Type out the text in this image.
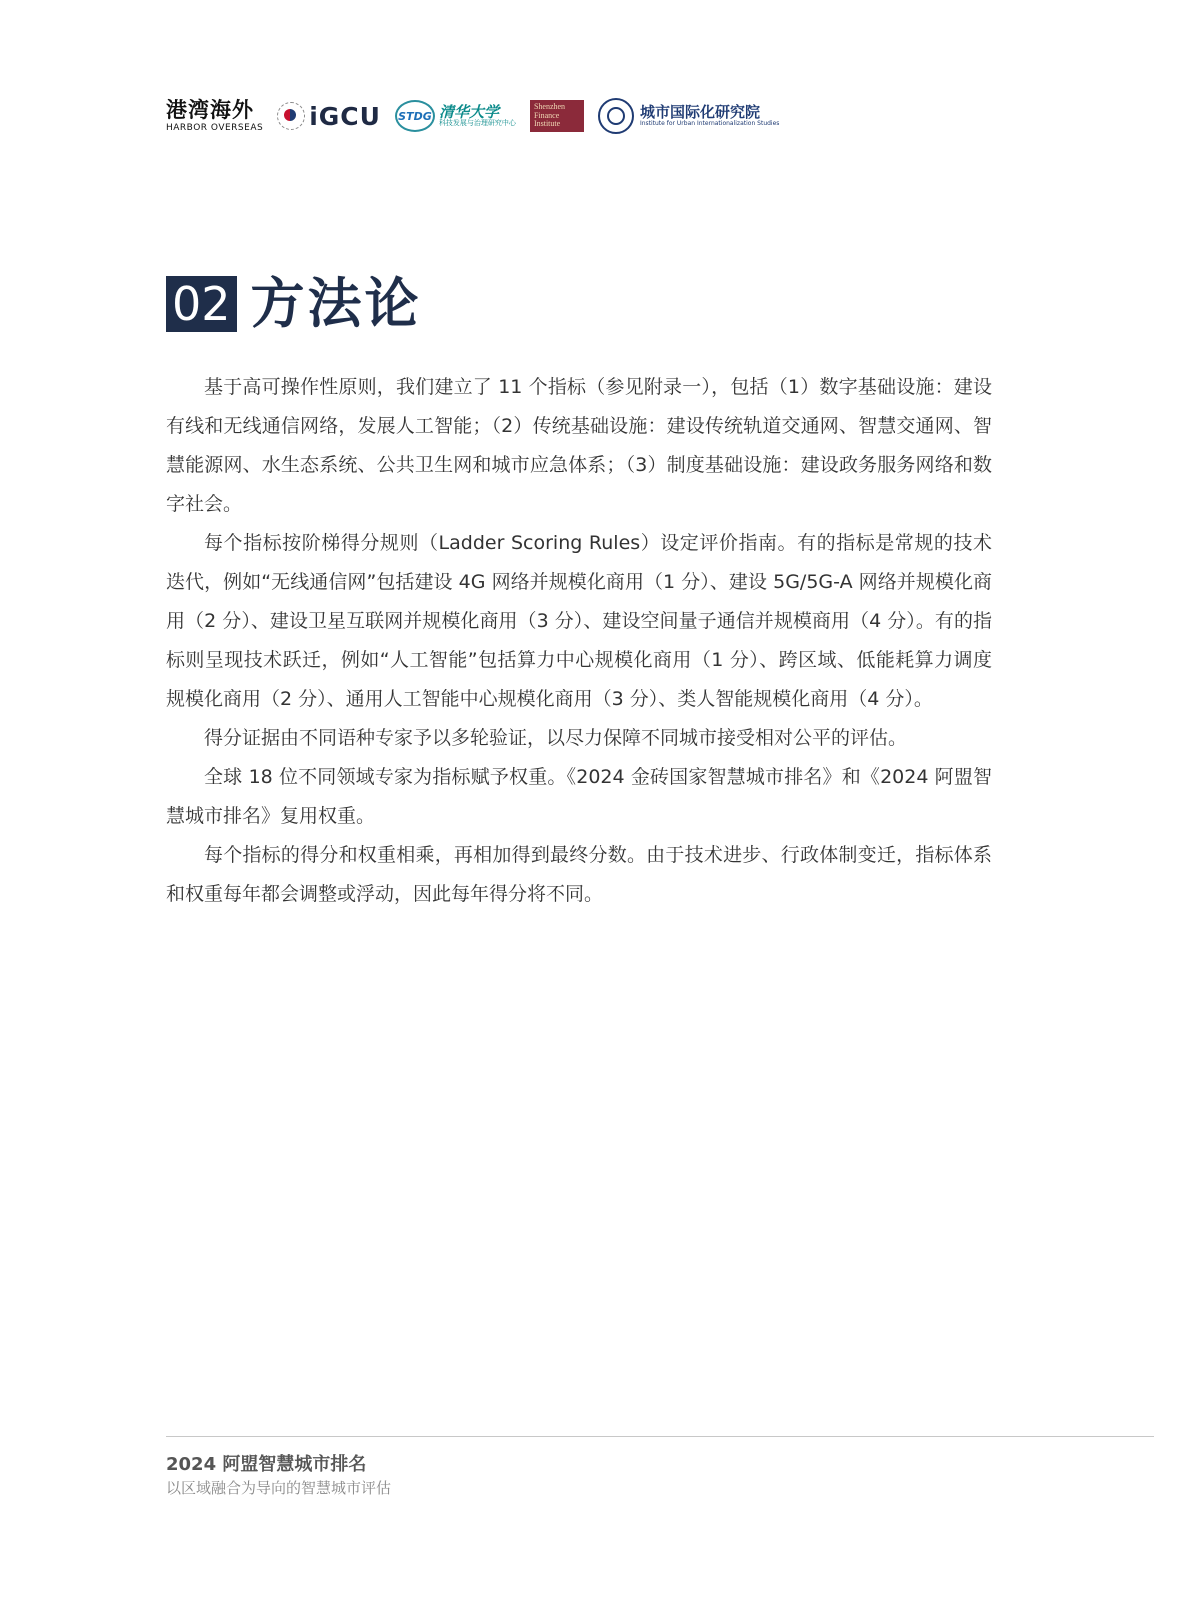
港湾海外
HARBOR OVERSEAS iGCU STDG 清华大学
科技发展与治理研究中心
Shenzhen Finance Institute
城市国际化研究院
Institute for Urban Internationalization Studies
02 方法论

基于高可操作性原则，我们建立了 11 个指标（参见附录一），包括（1）数字基础设施：建设有线和无线通信网络，发展人工智能；（2）传统基础设施：建设传统轨道交通网、智慧交通网、智慧能源网、水生态系统、公共卫生网和城市应急体系；（3）制度基础设施：建设政务服务网络和数字社会。

每个指标按阶梯得分规则（Ladder Scoring Rules）设定评价指南。有的指标是常规的技术迭代，例如“无线通信网”包括建设 4G 网络并规模化商用（1 分）、建设 5G/5G-A 网络并规模化商用（2 分）、建设卫星互联网并规模化商用（3 分）、建设空间量子通信并规模商用（4 分）。有的指标则呈现技术跃迁，例如“人工智能”包括算力中心规模化商用（1 分）、跨区域、低能耗算力调度规模化商用（2 分）、通用人工智能中心规模化商用（3 分）、类人智能规模化商用（4 分）。

得分证据由不同语种专家予以多轮验证，以尽力保障不同城市接受相对公平的评估。

全球 18 位不同领域专家为指标赋予权重。《2024 金砖国家智慧城市排名》和《2024 阿盟智慧城市排名》复用权重。

每个指标的得分和权重相乘，再相加得到最终分数。由于技术进步、行政体制变迁，指标体系和权重每年都会调整或浮动，因此每年得分将不同。

2024 阿盟智慧城市排名
以区域融合为导向的智慧城市评估
